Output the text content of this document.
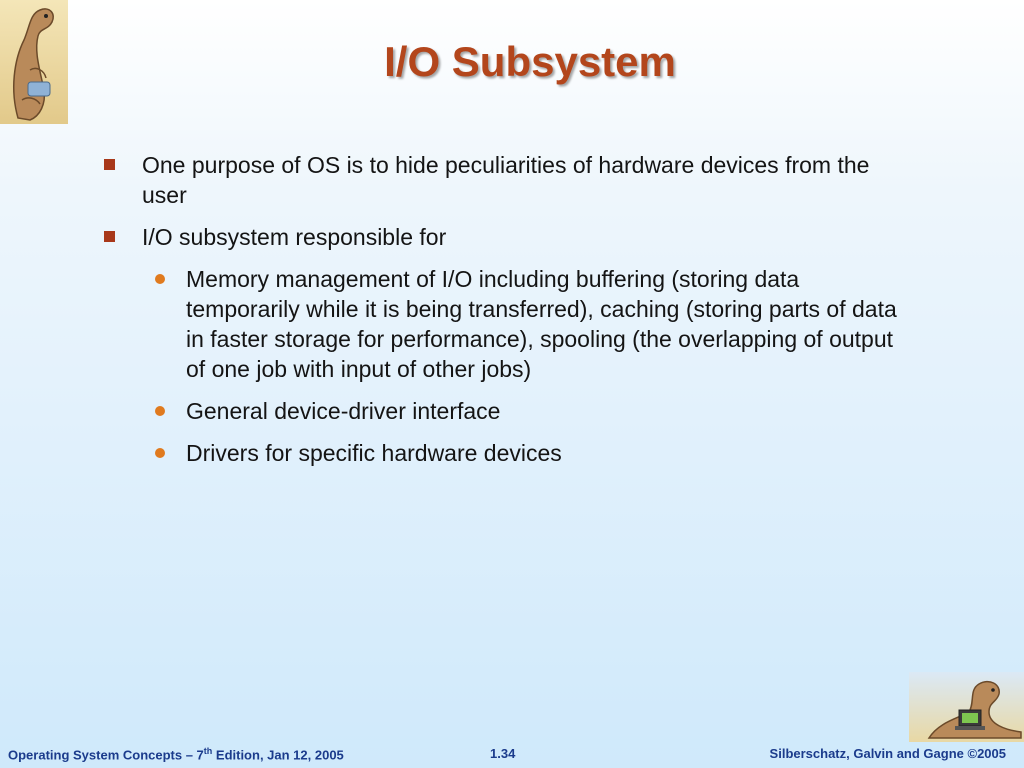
I/O Subsystem
One purpose of OS is to hide peculiarities of hardware devices from the user
I/O subsystem responsible for
Memory management of I/O including buffering (storing data temporarily while it is being transferred), caching (storing parts of data in faster storage for performance), spooling (the overlapping of output of one job with input of other jobs)
General device-driver interface
Drivers for specific hardware devices
Operating System Concepts – 7th Edition, Jan 12, 2005	1.34	Silberschatz, Galvin and Gagne ©2005
